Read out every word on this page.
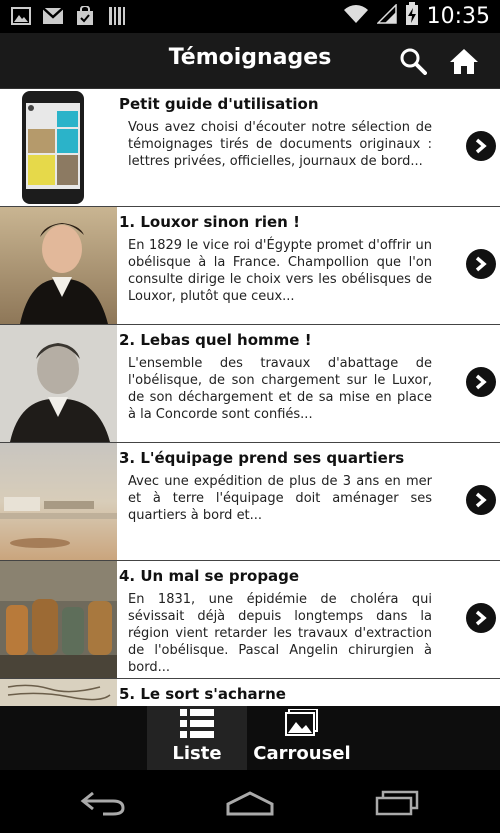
10:35
Témoignages
Petit guide d'utilisation
Vous avez choisi d'écouter notre sélection de témoignages tirés de documents originaux : lettres privées, officielles, journaux de bord...
1. Louxor sinon rien !
En 1829 le vice roi d'Égypte promet d'offrir un obélisque à la France. Champollion que l'on consulte dirige le choix vers les obélisques de Louxor, plutôt que ceux...
2. Lebas quel homme !
L'ensemble des travaux d'abattage de l'obélisque, de son chargement sur le Luxor, de son déchargement et de sa mise en place à la Concorde sont confiés...
3. L'équipage prend ses quartiers
Avec une expédition de plus de 3 ans en mer et à terre l'équipage doit aménager ses quartiers à bord et...
4. Un mal se propage
En 1831, une épidémie de choléra qui sévissait déjà depuis longtemps dans la région vient retarder les travaux d'extraction de l'obélisque. Pascal Angelin chirurgien à bord...
5. Le sort s'acharne
Liste Carrousel
